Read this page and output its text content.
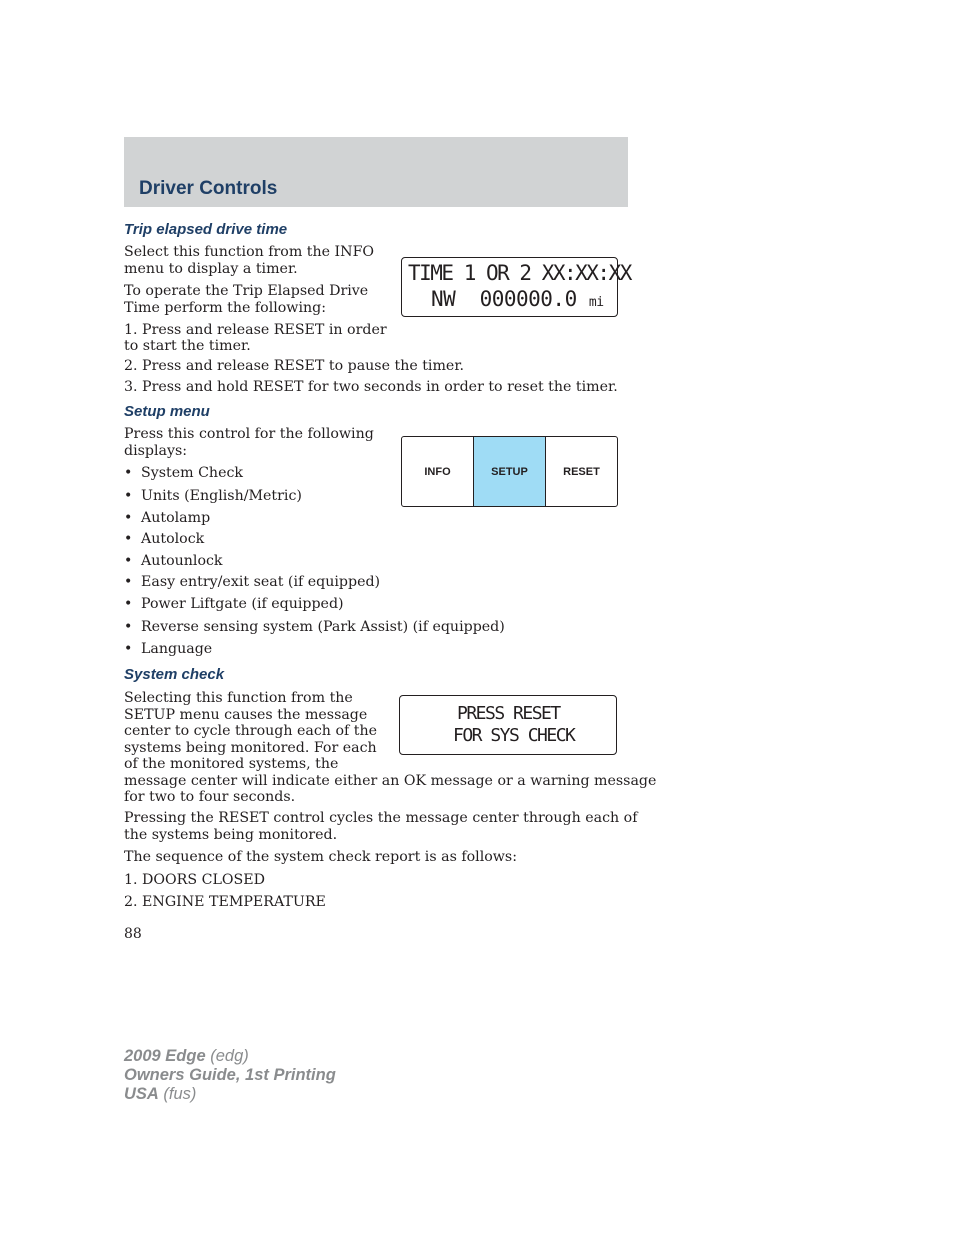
Driver Controls
Trip elapsed drive time
Select this function from the INFO
menu to display a timer.
To operate the Trip Elapsed Drive
Time perform the following:
1. Press and release RESET in order
to start the timer.
2. Press and release RESET to pause the timer.
3. Press and hold RESET for two seconds in order to reset the timer.
TIME 1 OR 2 XX:XX:XX
NW  000000.0 mi
Setup menu
Press this control for the following
displays:
• System Check
• Units (English/Metric)
• Autolamp
• Autolock
• Autounlock
• Easy entry/exit seat (if equipped)
• Power Liftgate (if equipped)
• Reverse sensing system (Park Assist) (if equipped)
• Language
INFO	SETUP	RESET
System check
Selecting this function from the
SETUP menu causes the message
center to cycle through each of the
systems being monitored. For each
of the monitored systems, the
message center will indicate either an OK message or a warning message
for two to four seconds.
Pressing the RESET control cycles the message center through each of
the systems being monitored.
The sequence of the system check report is as follows:
1. DOORS CLOSED
2. ENGINE TEMPERATURE
PRESS RESET
FOR SYS CHECK
88
2009 Edge (edg)
Owners Guide, 1st Printing
USA (fus)
